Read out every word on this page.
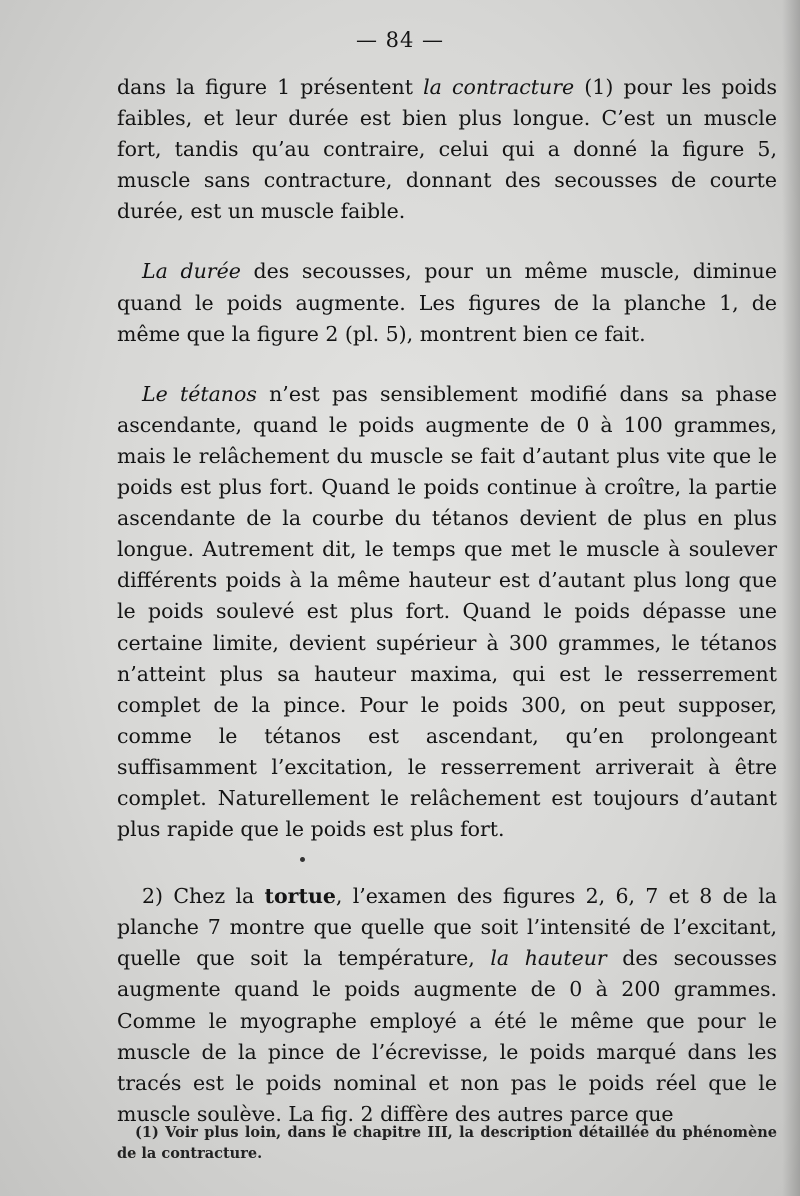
— 84 —

dans la figure 1 présentent la contracture (1) pour les poids faibles, et leur durée est bien plus longue. C’est un muscle fort, tandis qu’au contraire, celui qui a donné la figure 5, muscle sans contracture, donnant des secousses de courte durée, est un muscle faible.

La durée des secousses, pour un même muscle, diminue quand le poids augmente. Les figures de la planche 1, de même que la figure 2 (pl. 5), montrent bien ce fait.

Le tétanos n’est pas sensiblement modifié dans sa phase ascendante, quand le poids augmente de 0 à 100 grammes, mais le relâchement du muscle se fait d’autant plus vite que le poids est plus fort. Quand le poids continue à croître, la partie ascendante de la courbe du tétanos devient de plus en plus longue. Autrement dit, le temps que met le muscle à soulever différents poids à la même hauteur est d’autant plus long que le poids soulevé est plus fort. Quand le poids dépasse une certaine limite, devient supérieur à 300 grammes, le tétanos n’atteint plus sa hauteur maxima, qui est le resserrement complet de la pince. Pour le poids 300, on peut supposer, comme le tétanos est ascendant, qu’en prolongeant suffisamment l’excitation, le resserrement arriverait à être complet. Naturellement le relâchement est toujours d’autant plus rapide que le poids est plus fort.

2) Chez la tortue, l’examen des figures 2, 6, 7 et 8 de la planche 7 montre que quelle que soit l’intensité de l’excitant, quelle que soit la température, la hauteur des secousses augmente quand le poids augmente de 0 à 200 grammes. Comme le myographe employé a été le même que pour le muscle de la pince de l’écrevisse, le poids marqué dans les tracés est le poids nominal et non pas le poids réel que le muscle soulève. La fig. 2 diffère des autres parce que

(1) Voir plus loin, dans le chapitre III, la description détaillée du phénomène de la contracture.
